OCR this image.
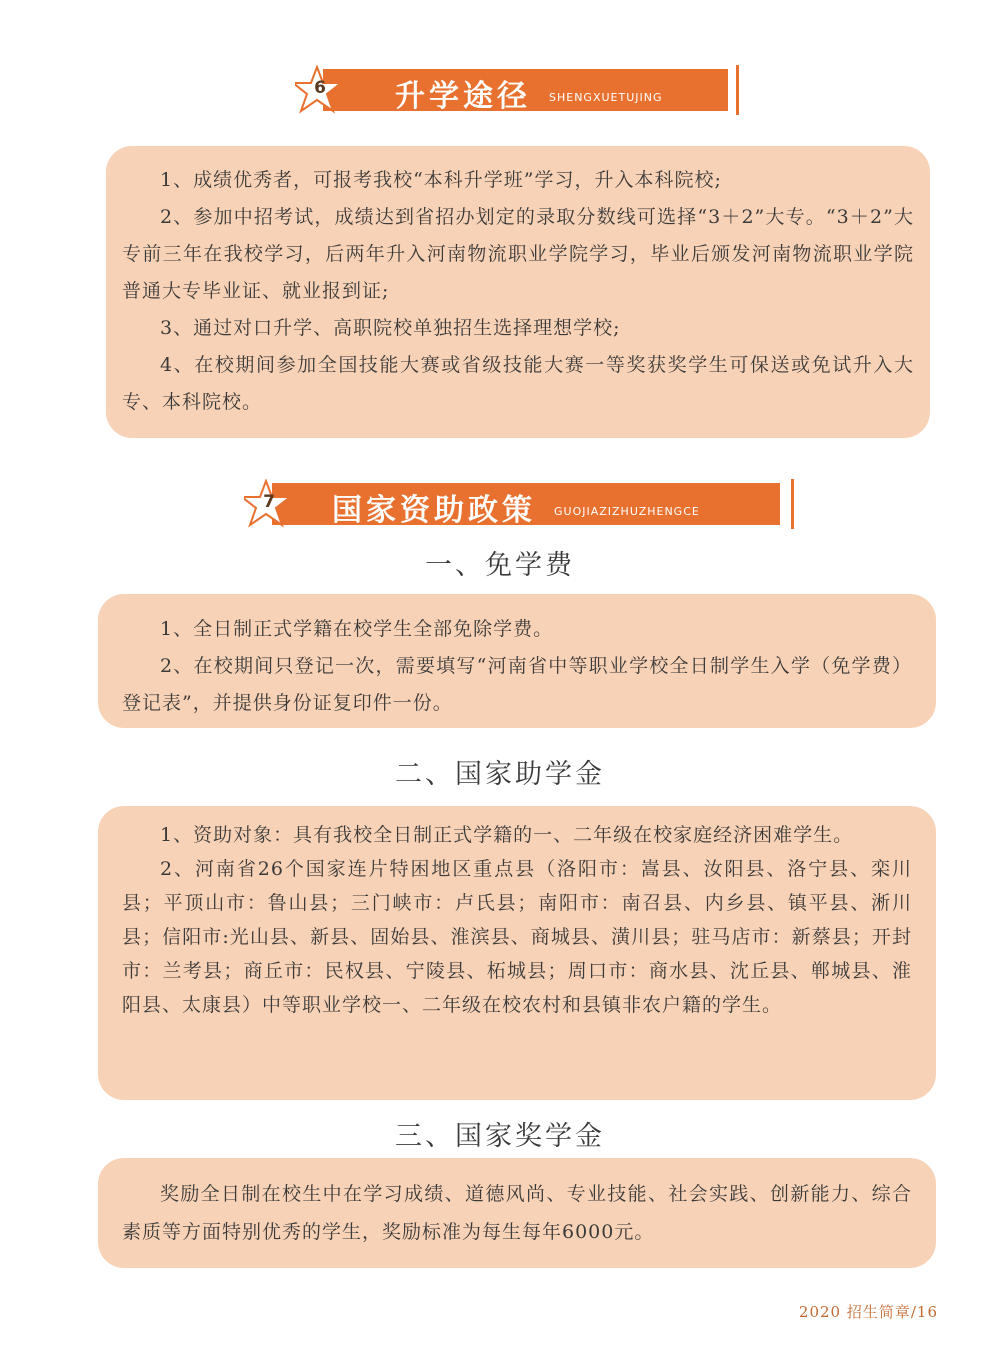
6 升学途径 SHENGXUETUJING

1、成绩优秀者，可报考我校“本科升学班”学习，升入本科院校;

2、参加中招考试，成绩达到省招办划定的录取分数线可选择“3＋2”大专。“3＋2”大专前三年在我校学习，后两年升入河南物流职业学院学习，毕业后颁发河南物流职业学院普通大专毕业证、就业报到证;

3、通过对口升学、高职院校单独招生选择理想学校;

4、在校期间参加全国技能大赛或省级技能大赛一等奖获奖学生可保送或免试升入大专、本科院校。

7 国家资助政策 GUOJIAZIZHUZHENGCE
一、免学费

1、全日制正式学籍在校学生全部免除学费。

2、在校期间只登记一次，需要填写“河南省中等职业学校全日制学生入学（免学费）登记表”，并提供身份证复印件一份。

二、国家助学金

1、资助对象：具有我校全日制正式学籍的一、二年级在校家庭经济困难学生。

2、河南省26个国家连片特困地区重点县（洛阳市：嵩县、汝阳县、洛宁县、栾川县；平顶山市：鲁山县；三门峡市：卢氏县；南阳市：南召县、内乡县、镇平县、淅川县；信阳市:光山县、新县、固始县、淮滨县、商城县、潢川县；驻马店市：新蔡县；开封市：兰考县；商丘市：民权县、宁陵县、柘城县；周口市：商水县、沈丘县、郸城县、淮阳县、太康县）中等职业学校一、二年级在校农村和县镇非农户籍的学生。

三、国家奖学金

奖励全日制在校生中在学习成绩、道德风尚、专业技能、社会实践、创新能力、综合素质等方面特别优秀的学生，奖励标准为每生每年6000元。

2020 招生简章/16
